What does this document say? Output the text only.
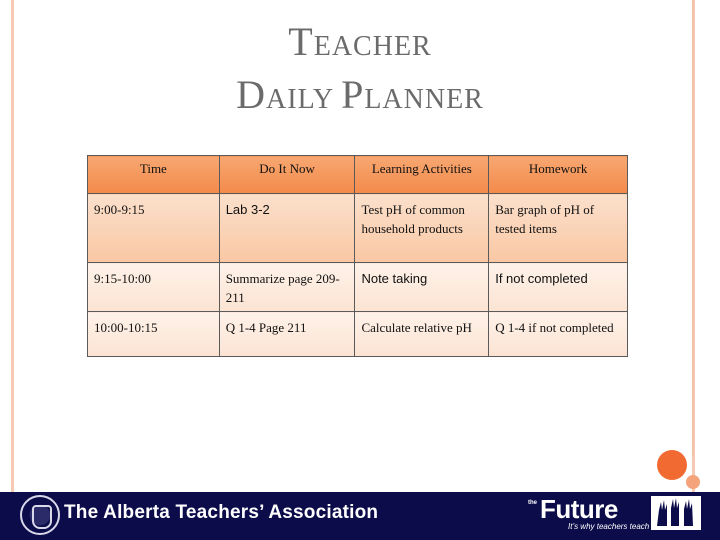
TEACHER
DAILY PLANNER
Time	Do It Now	Learning Activities	Homework
9:00-9:15	Lab 3-2	Test pH of common household products	Bar graph of pH of tested items
9:15-10:00	Summarize page 209-211	Note taking	If not completed
10:00-10:15	Q 1-4 Page 211	Calculate relative pH	Q 1-4 if not completed
The Alberta Teachers’ Association	the Future
It’s why teachers teach
